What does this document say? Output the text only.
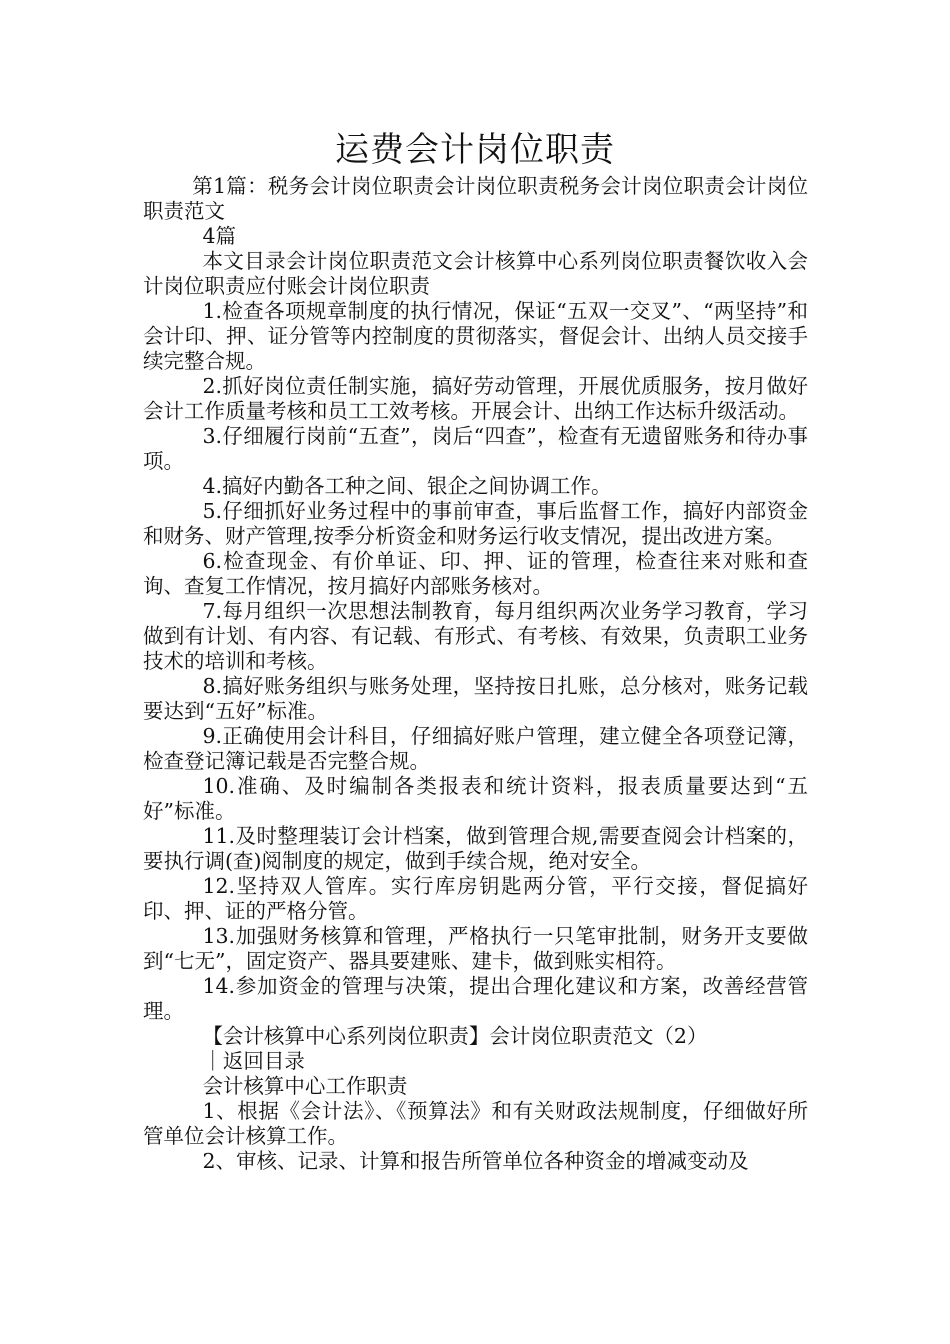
运费会计岗位职责

第1篇：税务会计岗位职责会计岗位职责税务会计岗位职责会计岗位职责范文

4篇

本文目录会计岗位职责范文会计核算中心系列岗位职责餐饮收入会计岗位职责应付账会计岗位职责

1.检查各项规章制度的执行情况，保证“五双一交叉”、“两坚持”和会计印、押、证分管等内控制度的贯彻落实，督促会计、出纳人员交接手续完整合规。

2.抓好岗位责任制实施，搞好劳动管理，开展优质服务，按月做好会计工作质量考核和员工工效考核。开展会计、出纳工作达标升级活动。

3.仔细履行岗前“五查”，岗后“四查”，检查有无遗留账务和待办事项。

4.搞好内勤各工种之间、银企之间协调工作。

5.仔细抓好业务过程中的事前审查，事后监督工作，搞好内部资金和财务、财产管理,按季分析资金和财务运行收支情况，提出改进方案。

6.检查现金、有价单证、印、押、证的管理，检查往来对账和查询、查复工作情况，按月搞好内部账务核对。

7.每月组织一次思想法制教育，每月组织两次业务学习教育，学习做到有计划、有内容、有记载、有形式、有考核、有效果，负责职工业务技术的培训和考核。

8.搞好账务组织与账务处理，坚持按日扎账，总分核对，账务记载要达到“五好”标准。

9.正确使用会计科目，仔细搞好账户管理，建立健全各项登记簿，检查登记簿记载是否完整合规。

10.准确、及时编制各类报表和统计资料，报表质量要达到“五好”标准。

11.及时整理装订会计档案，做到管理合规,需要查阅会计档案的，要执行调(查)阅制度的规定，做到手续合规，绝对安全。

12.坚持双人管库。实行库房钥匙两分管，平行交接，督促搞好印、押、证的严格分管。

13.加强财务核算和管理，严格执行一只笔审批制，财务开支要做到“七无”，固定资产、器具要建账、建卡，做到账实相符。

14.参加资金的管理与决策，提出合理化建议和方案，改善经营管理。

【会计核算中心系列岗位职责】会计岗位职责范文（2）

｜返回目录

会计核算中心工作职责

1、根据《会计法》、《预算法》和有关财政法规制度，仔细做好所管单位会计核算工作。

2、审核、记录、计算和报告所管单位各种资金的增减变动及
